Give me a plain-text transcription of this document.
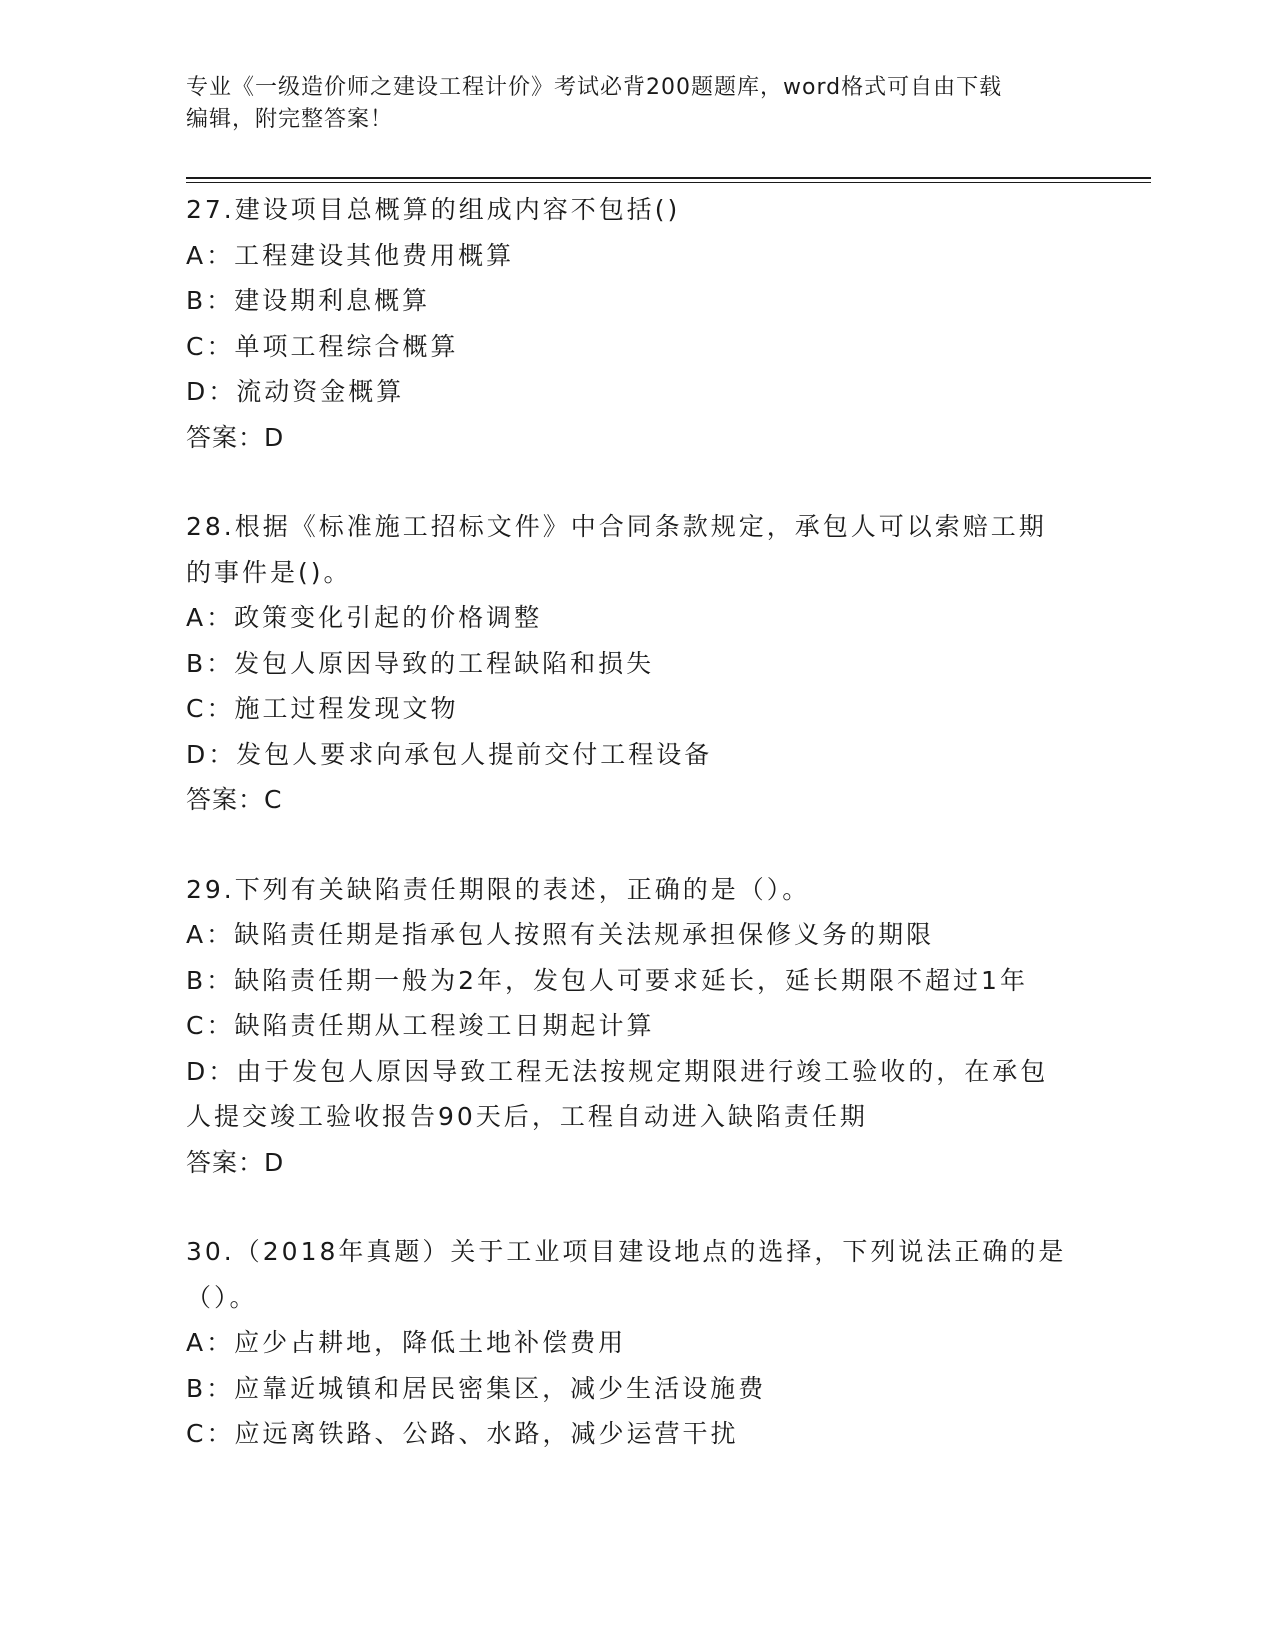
专业《一级造价师之建设工程计价》考试必背200题题库，word格式可自由下载
编辑，附完整答案！
27.建设项目总概算的组成内容不包括()
A：工程建设其他费用概算
B：建设期利息概算
C：单项工程综合概算
D：流动资金概算
答案：D
28.根据《标准施工招标文件》中合同条款规定，承包人可以索赔工期
的事件是()。
A：政策变化引起的价格调整
B：发包人原因导致的工程缺陷和损失
C：施工过程发现文物
D：发包人要求向承包人提前交付工程设备
答案：C
29.下列有关缺陷责任期限的表述，正确的是（）。
A：缺陷责任期是指承包人按照有关法规承担保修义务的期限
B：缺陷责任期一般为2年，发包人可要求延长，延长期限不超过1年
C：缺陷责任期从工程竣工日期起计算
D：由于发包人原因导致工程无法按规定期限进行竣工验收的，在承包
人提交竣工验收报告90天后，工程自动进入缺陷责任期
答案：D
30.（2018年真题）关于工业项目建设地点的选择，下列说法正确的是
（）。
A：应少占耕地，降低土地补偿费用
B：应靠近城镇和居民密集区，减少生活设施费
C：应远离铁路、公路、水路，减少运营干扰
